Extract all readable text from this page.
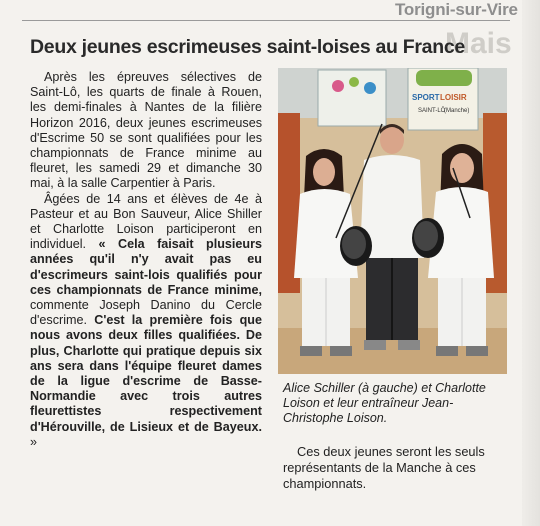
Torigni-sur-Vire
Mais
Deux jeunes escrimeuses saint-loises au France

Après les épreuves sélectives de Saint-Lô, les quarts de finale à Rouen, les demi-finales à Nantes de la filière Horizon 2016, deux jeunes escrimeuses d'Escrime 50 se sont qualifiées pour les championnats de France minime au fleuret, les samedi 29 et dimanche 30 mai, à la salle Carpentier à Paris.

Âgées de 14 ans et élèves de 4e à Pasteur et au Bon Sauveur, Alice Shiller et Charlotte Loison participeront en individuel. « Cela faisait plusieurs années qu'il n'y avait pas eu d'escrimeurs saint-lois qualifiés pour ces championnats de France minime, commente Joseph Danino du Cercle d'escrime. C'est la première fois que nous avons deux filles qualifiées. De plus, Charlotte qui pratique depuis six ans sera dans l'équipe fleuret dames de la ligue d'escrime de Basse-Normandie avec trois autres fleurettistes respectivement d'Hérouville, de Lisieux et de Bayeux. »

SPORT LOISIR
SAINT-LÔ
(Manche)
Alice Schiller (à gauche) et Charlotte Loison et leur entraîneur Jean-Christophe Loison.

Ces deux jeunes seront les seuls représentants de la Manche à ces championnats.
